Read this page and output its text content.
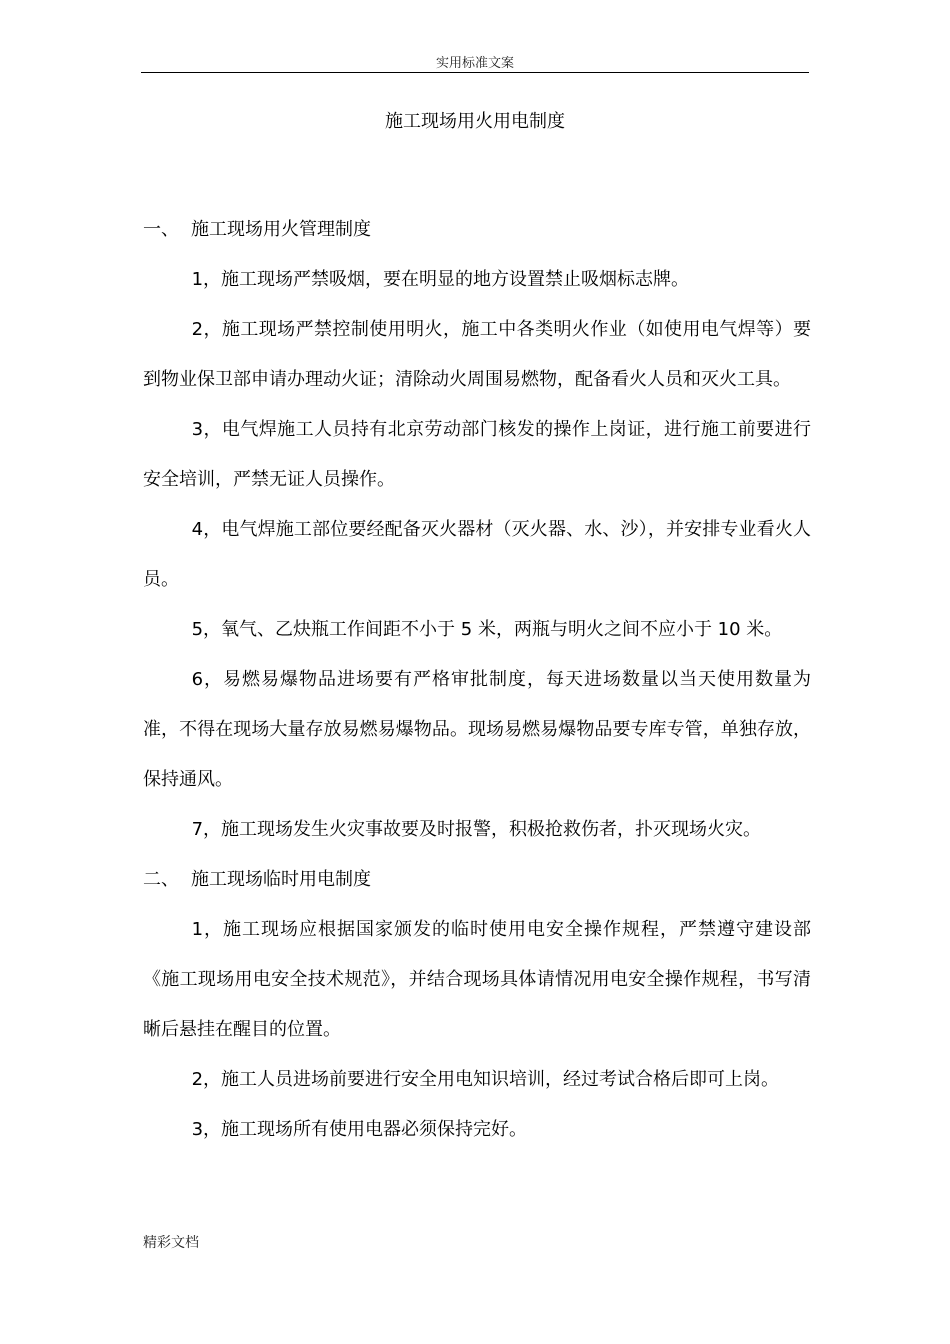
实用标准文案
施工现场用火用电制度

一、 施工现场用火管理制度

1，施工现场严禁吸烟，要在明显的地方设置禁止吸烟标志牌。

2，施工现场严禁控制使用明火，施工中各类明火作业（如使用电气焊等）要到物业保卫部申请办理动火证；清除动火周围易燃物，配备看火人员和灭火工具。

3，电气焊施工人员持有北京劳动部门核发的操作上岗证，进行施工前要进行安全培训，严禁无证人员操作。

4，电气焊施工部位要经配备灭火器材（灭火器、水、沙），并安排专业看火人员。

5，氧气、乙炔瓶工作间距不小于 5 米，两瓶与明火之间不应小于 10 米。

6，易燃易爆物品进场要有严格审批制度，每天进场数量以当天使用数量为准，不得在现场大量存放易燃易爆物品。现场易燃易爆物品要专库专管，单独存放，保持通风。

7，施工现场发生火灾事故要及时报警，积极抢救伤者，扑灭现场火灾。

二、 施工现场临时用电制度

1，施工现场应根据国家颁发的临时使用电安全操作规程，严禁遵守建设部《施工现场用电安全技术规范》，并结合现场具体请情况用电安全操作规程，书写清晰后悬挂在醒目的位置。

2，施工人员进场前要进行安全用电知识培训，经过考试合格后即可上岗。

3，施工现场所有使用电器必须保持完好。

精彩文档
